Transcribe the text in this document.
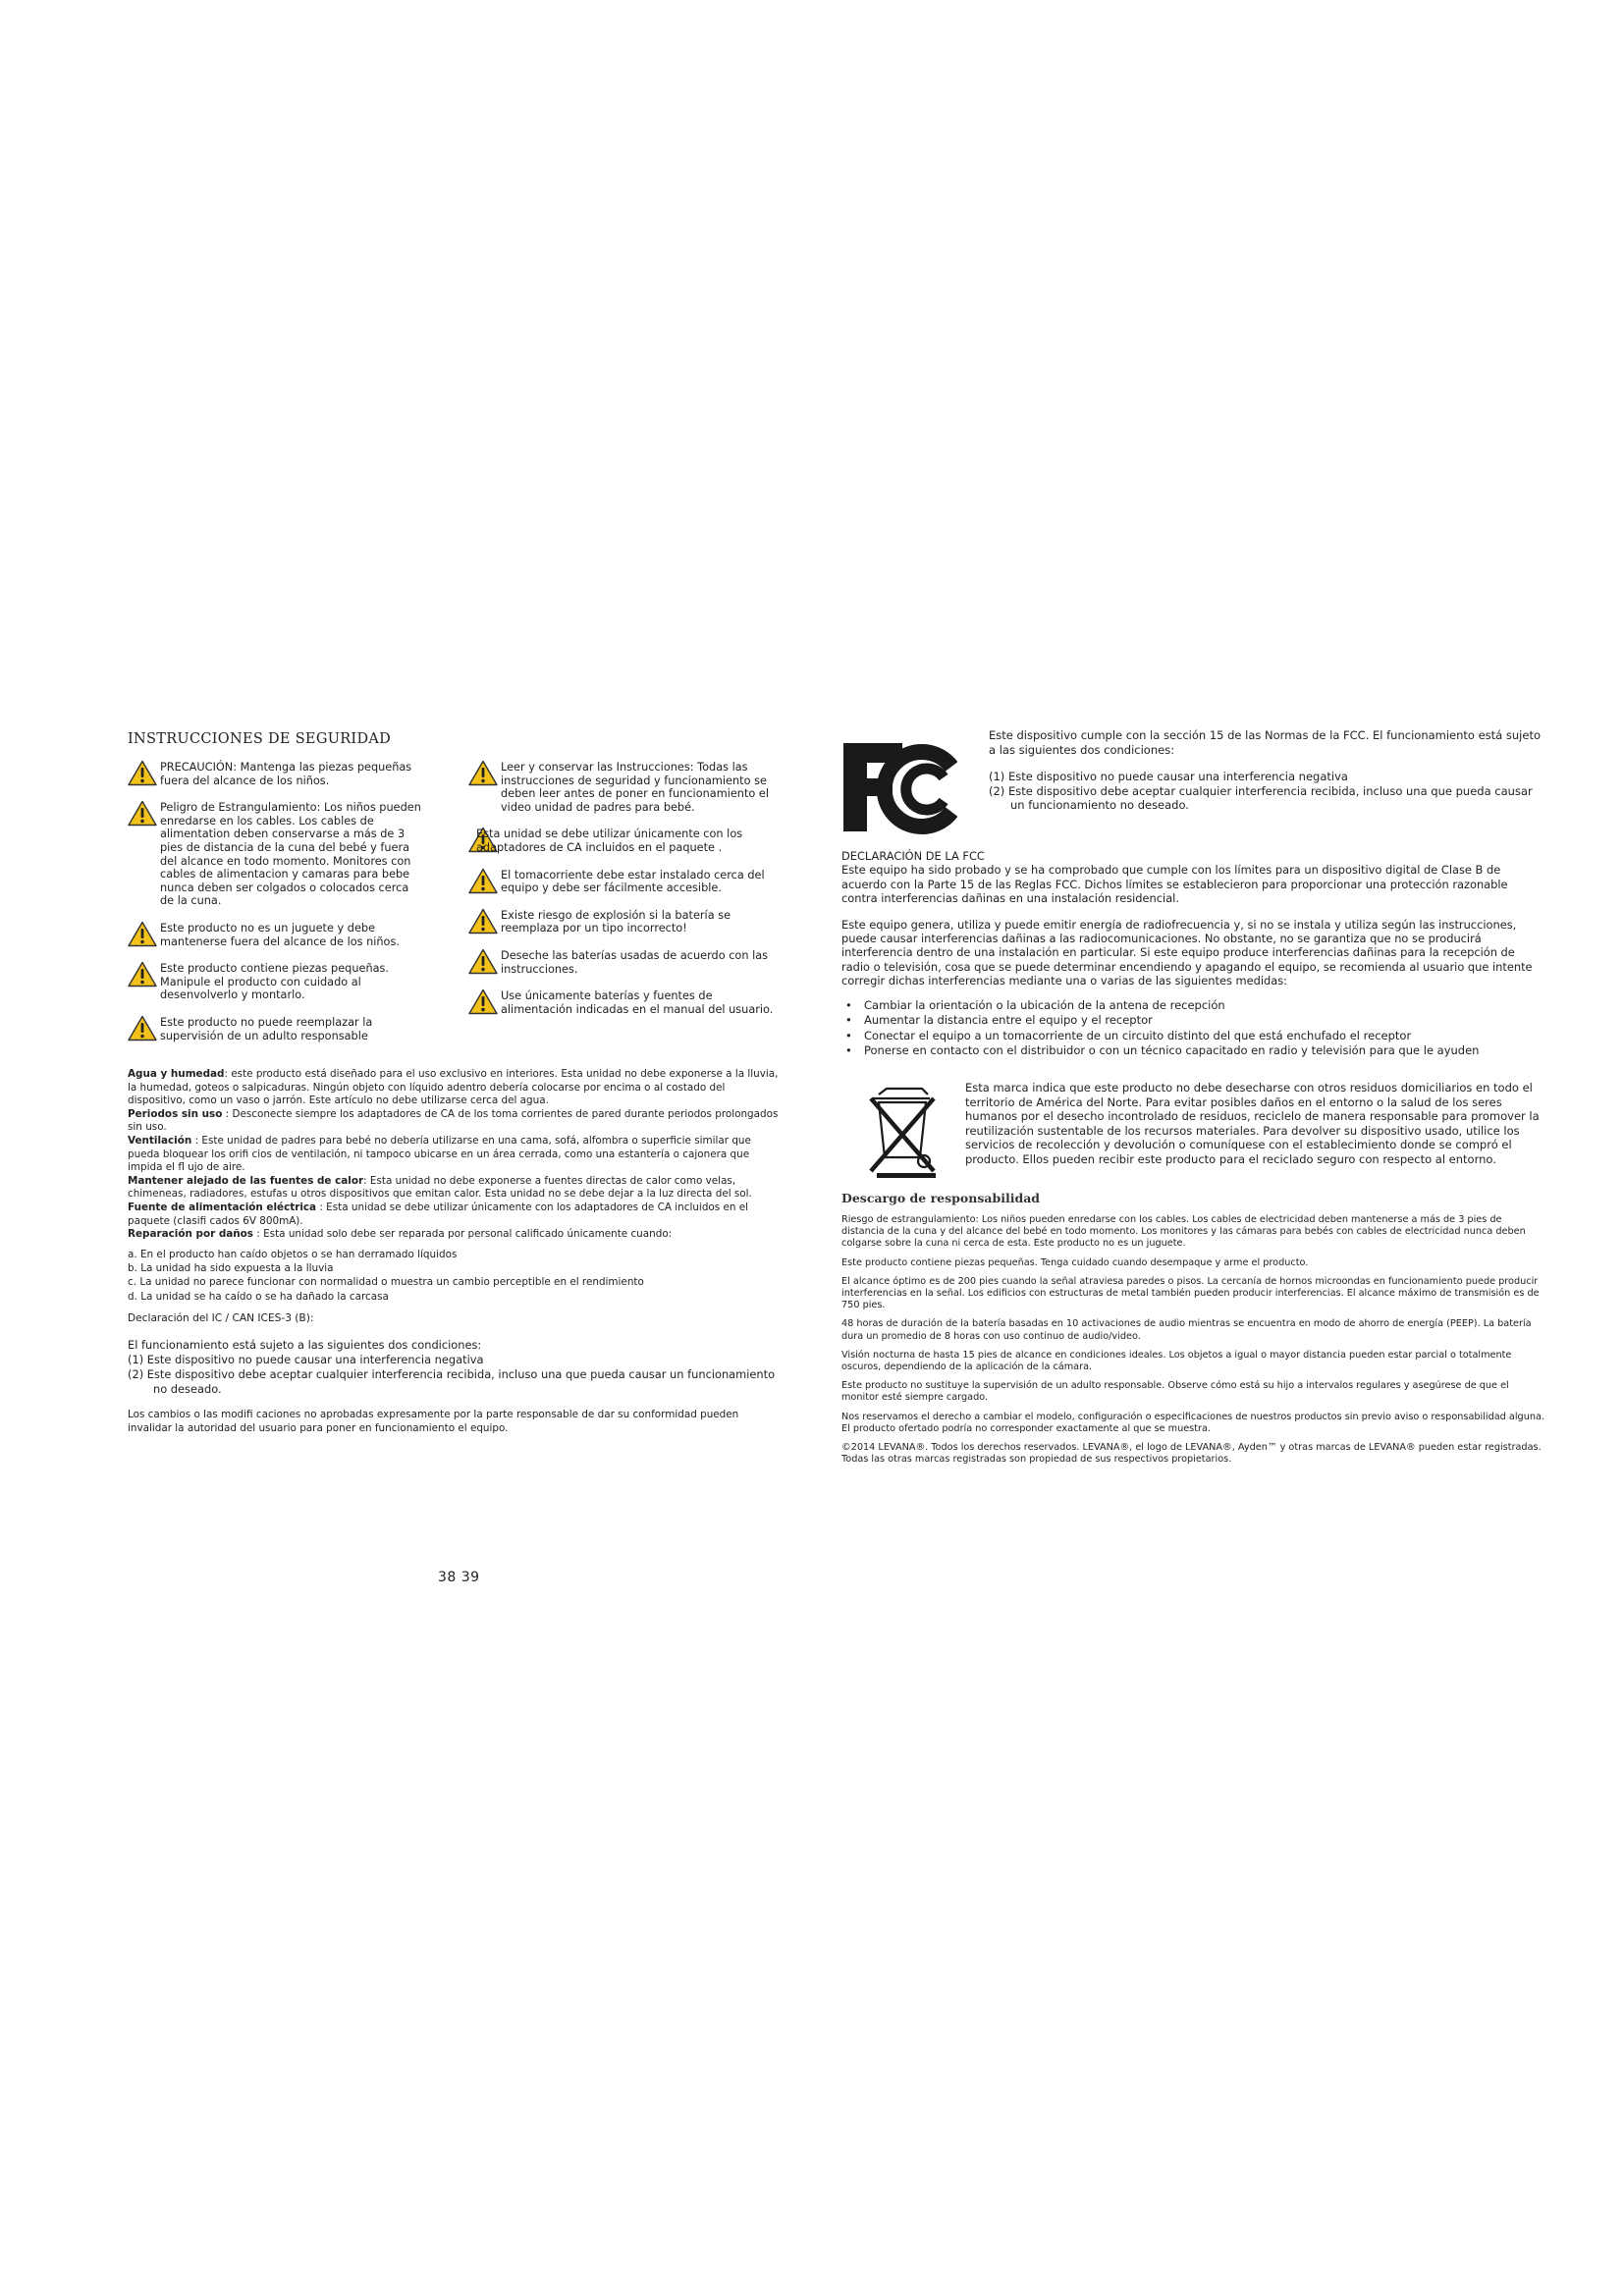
INSTRUCCIONES DE SEGURIDAD
PRECAUCIÓN: Mantenga las piezas pequeñas fuera del alcance de los niños.
Peligro de Estrangulamiento: Los niños pueden enredarse en los cables. Los cables de alimentation deben conservarse a más de 3 pies de distancia de la cuna del bebé y fuera del alcance en todo momento. Monitores con cables de alimentacion y camaras para bebe nunca deben ser colgados o colocados cerca de la cuna.
Este producto no es un juguete y debe mantenerse fuera del alcance de los niños.
Este producto contiene piezas pequeñas. Manipule el producto con cuidado al desenvolverlo y montarlo.
Este producto no puede reemplazar la supervisión de un adulto responsable
Leer y conservar las Instrucciones: Todas las instrucciones de seguridad y funcionamiento se deben leer antes de poner en funcionamiento el video unidad de padres para bebé.
Esta unidad se debe utilizar únicamente con los adaptadores de CA incluidos en el paquete .
El tomacorriente debe estar instalado cerca del equipo y debe ser fácilmente accesible.
Existe riesgo de explosión si la batería se reemplaza por un tipo incorrecto!
Deseche las baterías usadas de acuerdo con las instrucciones.
Use únicamente baterías y fuentes de alimentación indicadas en el manual del usuario.

Agua y humedad: este producto está diseñado para el uso exclusivo en interiores. Esta unidad no debe exponerse a la lluvia, la humedad, goteos o salpicaduras. Ningún objeto con líquido adentro debería colocarse por encima o al costado del dispositivo, como un vaso o jarrón. Este artículo no debe utilizarse cerca del agua.

Periodos sin uso : Desconecte siempre los adaptadores de CA de los toma corrientes de pared durante periodos prolongados sin uso.

Ventilación : Este unidad de padres para bebé no debería utilizarse en una cama, sofá, alfombra o superficie similar que pueda bloquear los orifi cios de ventilación, ni tampoco ubicarse en un área cerrada, como una estantería o cajonera que impida el fl ujo de aire.

Mantener alejado de las fuentes de calor: Esta unidad no debe exponerse a fuentes directas de calor como velas, chimeneas, radiadores, estufas u otros dispositivos que emitan calor. Esta unidad no se debe dejar a la luz directa del sol.

Fuente de alimentación eléctrica : Esta unidad se debe utilizar únicamente con los adaptadores de CA incluidos en el paquete (clasifi cados 6V 800mA).

Reparación por daños : Esta unidad solo debe ser reparada por personal calificado únicamente cuando:

a. En el producto han caído objetos o se han derramado líquidos
b. La unidad ha sido expuesta a la lluvia
c. La unidad no parece funcionar con normalidad o muestra un cambio perceptible en el rendimiento
d. La unidad se ha caído o se ha dañado la carcasa
Declaración del IC / CAN ICES-3 (B):
El funcionamiento está sujeto a las siguientes dos condiciones:
(1) Este dispositivo no puede causar una interferencia negativa
(2) Este dispositivo debe aceptar cualquier interferencia recibida, incluso una que pueda causar un funcionamiento no deseado.
Los cambios o las modifi caciones no aprobadas expresamente por la parte responsable de dar su conformidad pueden invalidar la autoridad del usuario para poner en funcionamiento el equipo.
38 39

Este dispositivo cumple con la sección 15 de las Normas de la FCC. El funcionamiento está sujeto a las siguientes dos condiciones:

(1) Este dispositivo no puede causar una interferencia negativa
(2) Este dispositivo debe aceptar cualquier interferencia recibida, incluso una que pueda causar un funcionamiento no deseado.

DECLARACIÓN DE LA FCC

Este equipo ha sido probado y se ha comprobado que cumple con los límites para un dispositivo digital de Clase B de acuerdo con la Parte 15 de las Reglas FCC. Dichos límites se establecieron para proporcionar una protección razonable contra interferencias dañinas en una instalación residencial.

Este equipo genera, utiliza y puede emitir energía de radiofrecuencia y, si no se instala y utiliza según las instrucciones, puede causar interferencias dañinas a las radiocomunicaciones. No obstante, no se garantiza que no se producirá interferencia dentro de una instalación en particular. Si este equipo produce interferencias dañinas para la recepción de radio o televisión, cosa que se puede determinar encendiendo y apagando el equipo, se recomienda al usuario que intente corregir dichas interferencias mediante una o varias de las siguientes medidas:

• Cambiar la orientación o la ubicación de la antena de recepción
• Aumentar la distancia entre el equipo y el receptor
• Conectar el equipo a un tomacorriente de un circuito distinto del que está enchufado el receptor
• Ponerse en contacto con el distribuidor o con un técnico capacitado en radio y televisión para que le ayuden
Esta marca indica que este producto no debe desecharse con otros residuos domiciliarios en todo el territorio de América del Norte. Para evitar posibles daños en el entorno o la salud de los seres humanos por el desecho incontrolado de residuos, reciclelo de manera responsable para promover la reutilización sustentable de los recursos materiales. Para devolver su dispositivo usado, utilice los servicios de recolección y devolución o comuníquese con el establecimiento donde se compró el producto. Ellos pueden recibir este producto para el reciclado seguro con respecto al entorno.
Descargo de responsabilidad

Riesgo de estrangulamiento: Los niños pueden enredarse con los cables. Los cables de electricidad deben mantenerse a más de 3 pies de distancia de la cuna y del alcance del bebé en todo momento. Los monitores y las cámaras para bebés con cables de electricidad nunca deben colgarse sobre la cuna ni cerca de esta. Este producto no es un juguete.

Este producto contiene piezas pequeñas. Tenga cuidado cuando desempaque y arme el producto.

El alcance óptimo es de 200 pies cuando la señal atraviesa paredes o pisos. La cercanía de hornos microondas en funcionamiento puede producir interferencias en la señal. Los edificios con estructuras de metal también pueden producir interferencias. El alcance máximo de transmisión es de 750 pies.

48 horas de duración de la batería basadas en 10 activaciones de audio mientras se encuentra en modo de ahorro de energía (PEEP). La batería dura un promedio de 8 horas con uso continuo de audio/video.

Visión nocturna de hasta 15 pies de alcance en condiciones ideales. Los objetos a igual o mayor distancia pueden estar parcial o totalmente oscuros, dependiendo de la aplicación de la cámara.

Este producto no sustituye la supervisión de un adulto responsable. Observe cómo está su hijo a intervalos regulares y asegúrese de que el monitor esté siempre cargado.

Nos reservamos el derecho a cambiar el modelo, configuración o especificaciones de nuestros productos sin previo aviso o responsabilidad alguna. El producto ofertado podría no corresponder exactamente al que se muestra.

©2014 LEVANA®. Todos los derechos reservados. LEVANA®, el logo de LEVANA®, Ayden™ y otras marcas de LEVANA® pueden estar registradas. Todas las otras marcas registradas son propiedad de sus respectivos propietarios.
